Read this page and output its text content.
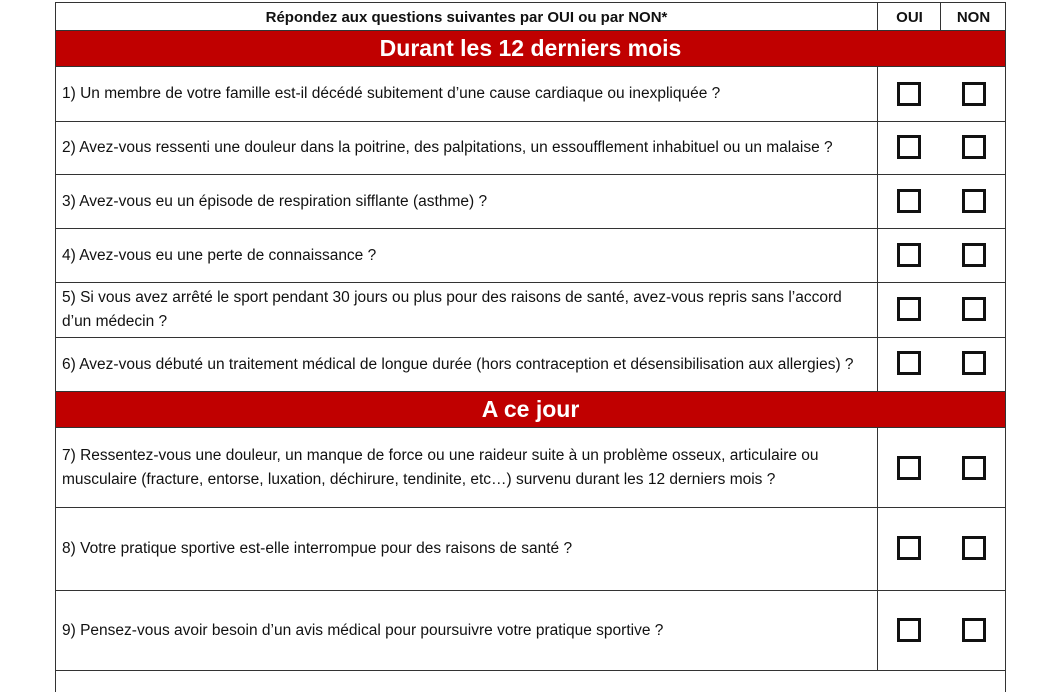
Répondez aux questions suivantes par OUI ou par NON*	OUI	NON
Durant les 12 derniers mois
1) Un membre de votre famille est-il décédé subitement d’une cause cardiaque ou inexpliquée ?
2) Avez-vous ressenti une douleur dans la poitrine, des palpitations, un essoufflement inhabituel ou un malaise ?
3) Avez-vous eu un épisode de respiration sifflante (asthme) ?
4) Avez-vous eu une perte de connaissance ?
5) Si vous avez arrêté le sport pendant 30 jours ou plus pour des raisons de santé, avez-vous repris sans l’accord d’un médecin ?
6) Avez-vous débuté un traitement médical de longue durée (hors contraception et désensibilisation aux allergies) ?
A ce jour
7) Ressentez-vous une douleur, un manque de force ou une raideur suite à un problème osseux, articulaire ou musculaire (fracture, entorse, luxation, déchirure, tendinite, etc…) survenu durant les 12 derniers mois ?
8) Votre pratique sportive est-elle interrompue pour des raisons de santé ?
9) Pensez-vous avoir besoin d’un avis médical pour poursuivre votre pratique sportive ?
